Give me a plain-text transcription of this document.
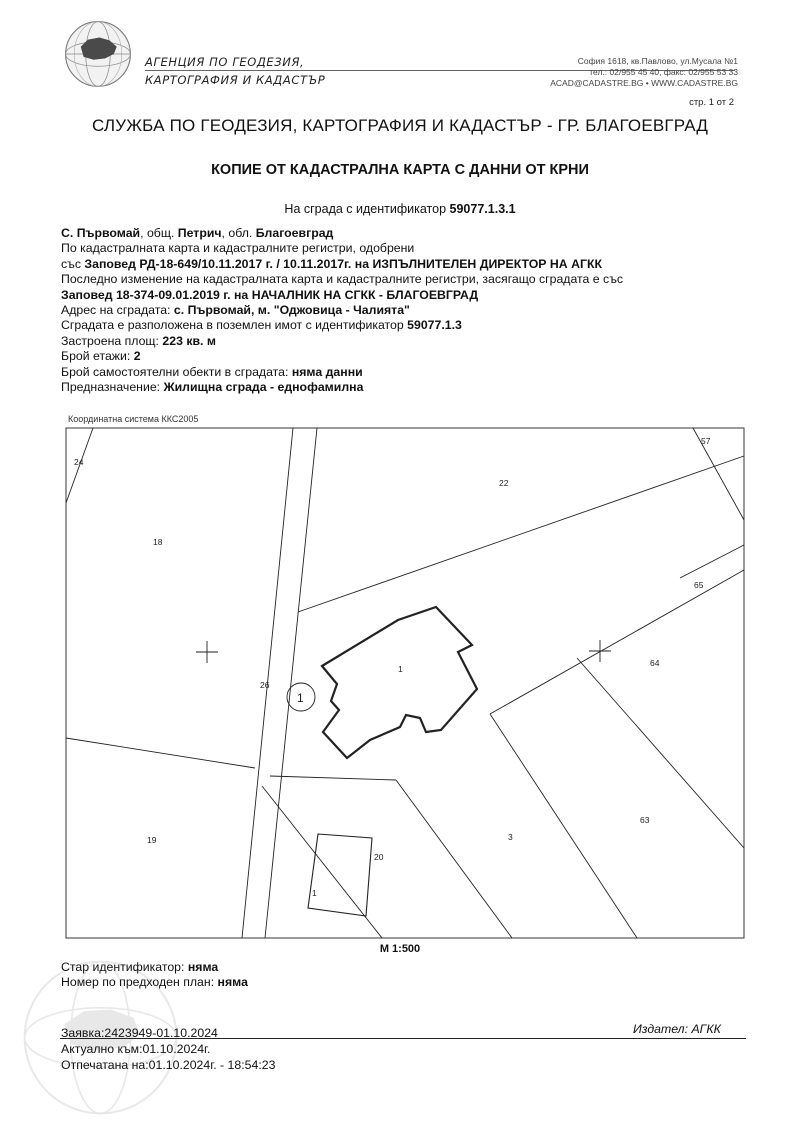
АГЕНЦИЯ ПО ГЕОДЕЗИЯ,
КАРТОГРАФИЯ И КАДАСТЪР
София 1618, кв.Павлово, ул.Мусала №1
тел.: 02/955 45 40, факс: 02/955 53 33
ACAD@CADASTRE.BG • WWW.CADASTRE.BG
стр. 1 от 2
СЛУЖБА ПО ГЕОДЕЗИЯ, КАРТОГРАФИЯ И КАДАСТЪР - ГР. БЛАГОЕВГРАД
КОПИЕ ОТ КАДАСТРАЛНА КАРТА С ДАННИ ОТ КРНИ
На сграда с идентификатор 59077.1.3.1
С. Първомай, общ. Петрич, обл. Благоевград
По кадастралната карта и кадастралните регистри, одобрени
със Заповед РД-18-649/10.11.2017 г. / 10.11.2017г. на ИЗПЪЛНИТЕЛЕН ДИРЕКТОР НА АГКК
Последно изменение на кадастралната карта и кадастралните регистри, засягащо сградата е със
Заповед 18-374-09.01.2019 г. на НАЧАЛНИК НА СГКК - БЛАГОЕВГРАД
Адрес на сградата: с. Първомай, м. "Оджовица - Чалията"
Сградата е разположена в поземлен имот с идентификатор 59077.1.3
Застроена площ: 223 кв. м
Брой етажи: 2
Брой самостоятелни обекти в сградата: няма данни
Предназначение: Жилищна сграда - еднофамилна
Координатна система ККС2005
24
57
22
18
65
64
26
1
1
19
20
3
63
1
М 1:500
Стар идентификатор: няма
Номер по предходен план: няма
Издател: АГКК
Заявка:2423949-01.10.2024
Актуално към:01.10.2024г.
Отпечатана на:01.10.2024г. - 18:54:23
